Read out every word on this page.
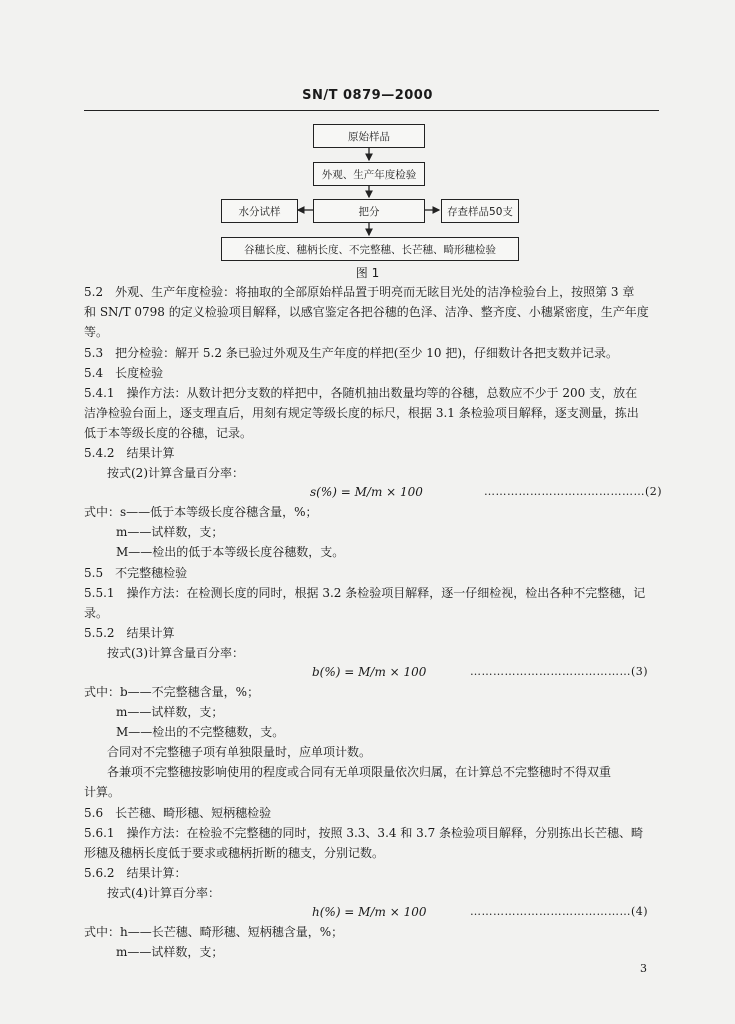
SN/T 0879—2000
原始样品
外观、生产年度检验
水分试样	把分	存查样品50支
谷穗长度、穗柄长度、不完整穗、长芒穗、畸形穗检验
图 1
5.2　外观、生产年度检验：将抽取的全部原始样品置于明亮而无眩目光处的洁净检验台上，按照第 3 章
和 SN/T 0798 的定义检验项目解释，以感官鉴定各把谷穗的色泽、洁净、整齐度、小穗紧密度，生产年度
等。
5.3　把分检验：解开 5.2 条已验过外观及生产年度的样把(至少 10 把)，仔细数计各把支数并记录。
5.4　长度检验
5.4.1　操作方法：从数计把分支数的样把中，各随机抽出数量均等的谷穗，总数应不少于 200 支，放在
洁净检验台面上，逐支理直后，用刻有规定等级长度的标尺，根据 3.1 条检验项目解释，逐支测量，拣出
低于本等级长度的谷穗，记录。
5.4.2　结果计算
按式(2)计算含量百分率：
s(%) = M/m × 100	……………………………………(2)
式中：s——低于本等级长度谷穗含量，%；
m——试样数，支；
M——检出的低于本等级长度谷穗数，支。
5.5　不完整穗检验
5.5.1　操作方法：在检测长度的同时，根据 3.2 条检验项目解释，逐一仔细检视，检出各种不完整穗，记
录。
5.5.2　结果计算
按式(3)计算含量百分率：
b(%) = M/m × 100	……………………………………(3)
式中：b——不完整穗含量，%；
m——试样数，支；
M——检出的不完整穗数，支。
合同对不完整穗子项有单独限量时，应单项计数。
各兼项不完整穗按影响使用的程度或合同有无单项限量依次归属，在计算总不完整穗时不得双重
计算。
5.6　长芒穗、畸形穗、短柄穗检验
5.6.1　操作方法：在检验不完整穗的同时，按照 3.3、3.4 和 3.7 条检验项目解释，分别拣出长芒穗、畸
形穗及穗柄长度低于要求或穗柄折断的穗支，分别记数。
5.6.2　结果计算：
按式(4)计算百分率：
h(%) = M/m × 100	……………………………………(4)
式中：h——长芒穗、畸形穗、短柄穗含量，%；
m——试样数，支；
3
